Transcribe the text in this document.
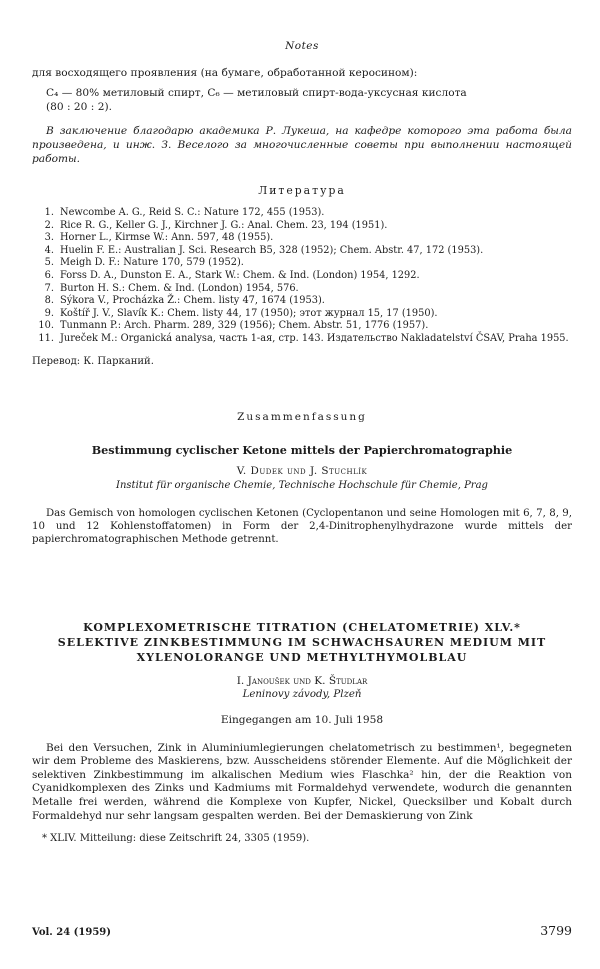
Notes

для восходящего проявления (на бумаге, обработанной керосином):

C₄ — 80% метиловый спирт, C₆ — метиловый спирт-вода-уксусная кислота
(80 : 20 : 2).

В заключение благодарю академика Р. Лукеша, на кафедре которого эта работа была произведена, и инж. З. Веселого за многочисленные советы при выполнении настоящей работы.

Литература
1. Newcombe A. G., Reid S. C.: Nature 172, 455 (1953).
2. Rice R. G., Keller G. J., Kirchner J. G.: Anal. Chem. 23, 194 (1951).
3. Horner L., Kirmse W.: Ann. 597, 48 (1955).
4. Huelin F. E.: Australian J. Sci. Research B5, 328 (1952); Chem. Abstr. 47, 172 (1953).
5. Meigh D. F.: Nature 170, 579 (1952).
6. Forss D. A., Dunston E. A., Stark W.: Chem. & Ind. (London) 1954, 1292.
7. Burton H. S.: Chem. & Ind. (London) 1954, 576.
8. Sýkora V., Procházka Ž.: Chem. listy 47, 1674 (1953).
9. Koštíř J. V., Slavík K.: Chem. listy 44, 17 (1950); этот журнал 15, 17 (1950).
10. Tunmann P.: Arch. Pharm. 289, 329 (1956); Chem. Abstr. 51, 1776 (1957).
11. Jureček M.: Organická analysa, часть 1-ая, стр. 143. Издательство Nakladatelství ČSAV, Praha 1955.
Перевод: К. Парканий.
Zusammenfassung
Bestimmung cyclischer Ketone mittels der Papierchromatographie
V. Dudek und J. Stuchlík
Institut für organische Chemie, Technische Hochschule für Chemie, Prag

Das Gemisch von homologen cyclischen Ketonen (Cyclopentanon und seine Homologen mit 6, 7, 8, 9, 10 und 12 Kohlenstoffatomen) in Form der 2,4-Dinitrophenylhydrazone wurde mittels der papierchromatographischen Methode getrennt.

KOMPLEXOMETRISCHE TITRATION (CHELATOMETRIE) XLV.*
SELEKTIVE ZINKBESTIMMUNG IM SCHWACHSAUREN MEDIUM MIT
XYLENOLORANGE UND METHYLTHYMOLBLAU
I. Janoušek und K. Študlar
Leninovy závody, Plzeň
Eingegangen am 10. Juli 1958

Bei den Versuchen, Zink in Aluminiumlegierungen chelatometrisch zu bestimmen¹, begegneten wir dem Probleme des Maskierens, bzw. Ausscheidens störender Elemente. Auf die Möglichkeit der selektiven Zinkbestimmung im alkalischen Medium wies Flaschka² hin, der die Reaktion von Cyanidkomplexen des Zinks und Kadmiums mit Formaldehyd verwendete, wodurch die genannten Metalle frei werden, während die Komplexe von Kupfer, Nickel, Quecksilber und Kobalt durch Formaldehyd nur sehr langsam gespalten werden. Bei der Demaskierung von Zink

* XLIV. Mitteilung: diese Zeitschrift 24, 3305 (1959).
Vol. 24 (1959)	3799
